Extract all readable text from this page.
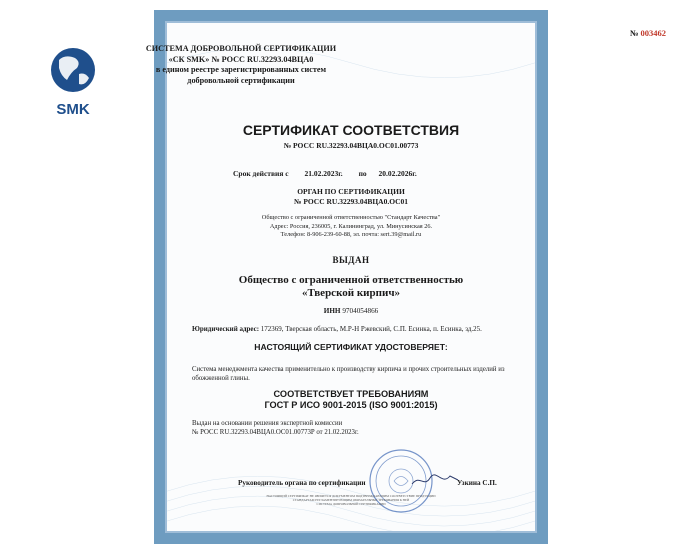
№ 003462
SMK
СИСТЕМА ДОБРОВОЛЬНОЙ СЕРТИФИКАЦИИ
«СК SMK» № РОСС RU.32293.04ВЦА0
в едином реестре зарегистрированных систем
добровольной сертификации
СЕРТИФИКАТ СООТВЕТСТВИЯ
№ РОСС RU.32293.04ВЦА0.ОС01.00773
Срок действия с 21.02.2023г. по 20.02.2026г.
ОРГАН ПО СЕРТИФИКАЦИИ
№ РОСС RU.32293.04ВЦА0.ОС01
Общество с ограниченной ответственностью "Стандарт Качества"
Адрес: Россия, 236005, г. Калининград, ул. Минусинская 26.
Телефон: 8-906-239-60-88, эл. почта: sert.39@mail.ru
ВЫДАН
Общество с ограниченной ответственностью
«Тверской кирпич»
ИНН 9704054866
Юридический адрес: 172369, Тверская область, М.Р-Н Ржевский, С.П. Есинка, п. Есинка, зд.25.
НАСТОЯЩИЙ СЕРТИФИКАТ УДОСТОВЕРЯЕТ:
Система менеджмента качества применительно к производству кирпича и прочих строительных изделий из обожженной глины.
СООТВЕТСТВУЕТ ТРЕБОВАНИЯМ
ГОСТ Р ИСО 9001-2015 (ISO 9001:2015)
Выдан на основании решения экспертной комиссии
№ РОСС RU.32293.04ВЦА0.ОС01.00773Р от 21.02.2023г.
Руководитель органа по сертификации	Узкина С.П.
НАСТОЯЩИЙ СЕРТИФИКАТ НЕ ЯВЛЯЕТСЯ ДОКУМЕНТОМ ПОДТВЕРЖДАЮЩИМ СООТВЕТСТВИЕ ПРОДУКЦИИ
СТАНДАРТАМ РЕГЛАМЕНТИРУЮЩИМ ОБЯЗАТЕЛЬНЫЕ ТРЕБОВАНИЯ К НЕЙ
СИСТЕМА ДОБРОВОЛЬНОЙ СЕРТИФИКАЦИИ
